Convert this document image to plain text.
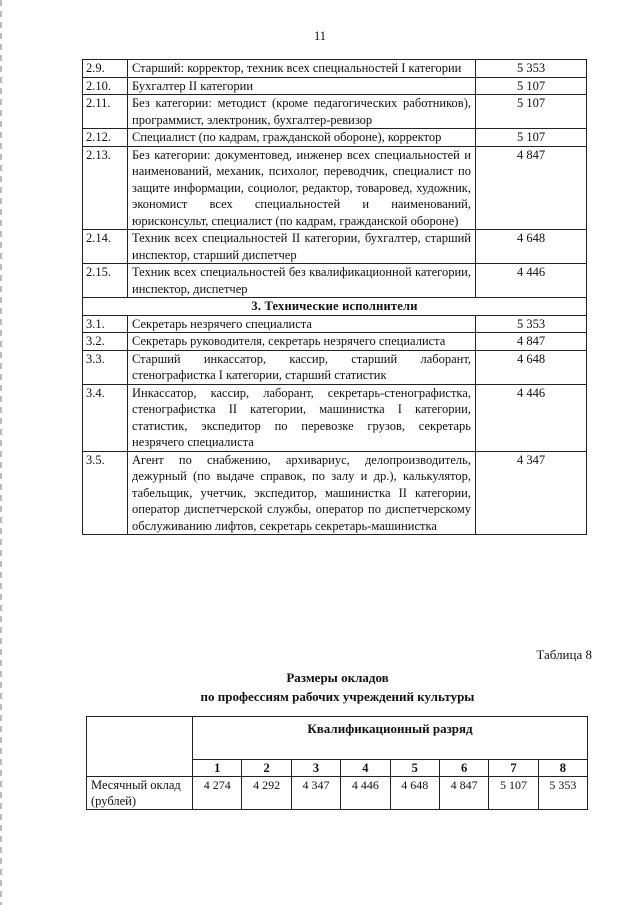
11
2.9.	Старший: корректор, техник всех специальностей I категории	5 353
2.10.	Бухгалтер II категории	5 107
2.11.	Без категории: методист (кроме педагогических работников), программист, электроник, бухгалтер-ревизор	5 107
2.12.	Специалист (по кадрам, гражданской обороне), корректор	5 107
2.13.	Без категории: документовед, инженер всех специальностей и наименований, механик, психолог, переводчик, специалист по защите информации, социолог, редактор, товаровед, художник, экономист всех специальностей и наименований, юрисконсульт, специалист (по кадрам, гражданской обороне)	4 847
2.14.	Техник всех специальностей II категории, бухгалтер, старший инспектор, старший диспетчер	4 648
2.15.	Техник всех специальностей без квалификационной категории, инспектор, диспетчер	4 446
3. Технические исполнители		
3.1.	Секретарь незрячего специалиста	5 353
3.2.	Секретарь руководителя, секретарь незрячего специалиста	4 847
3.3.	Старший инкассатор, кассир, старший лаборант, стенографистка I категории, старший статистик	4 648
3.4.	Инкассатор, кассир, лаборант, секретарь-стенографистка, стенографистка II категории, машинистка I категории, статистик, экспедитор по перевозке грузов, секретарь незрячего специалиста	4 446
3.5.	Агент по снабжению, архивариус, делопроизводитель, дежурный (по выдаче справок, по залу и др.), калькулятор, табельщик, учетчик, экспедитор, машинистка II категории, оператор диспетчерской службы, оператор по диспетчерскому обслуживанию лифтов, секретарь секретарь-машинистка	4 347
Таблица 8
Размеры окладов
по профессиям рабочих учреждений культуры
	Квалификационный разряд							
	1	2	3	4	5	6	7	8
Месячный оклад (рублей)	4 274	4 292	4 347	4 446	4 648	4 847	5 107	5 353
